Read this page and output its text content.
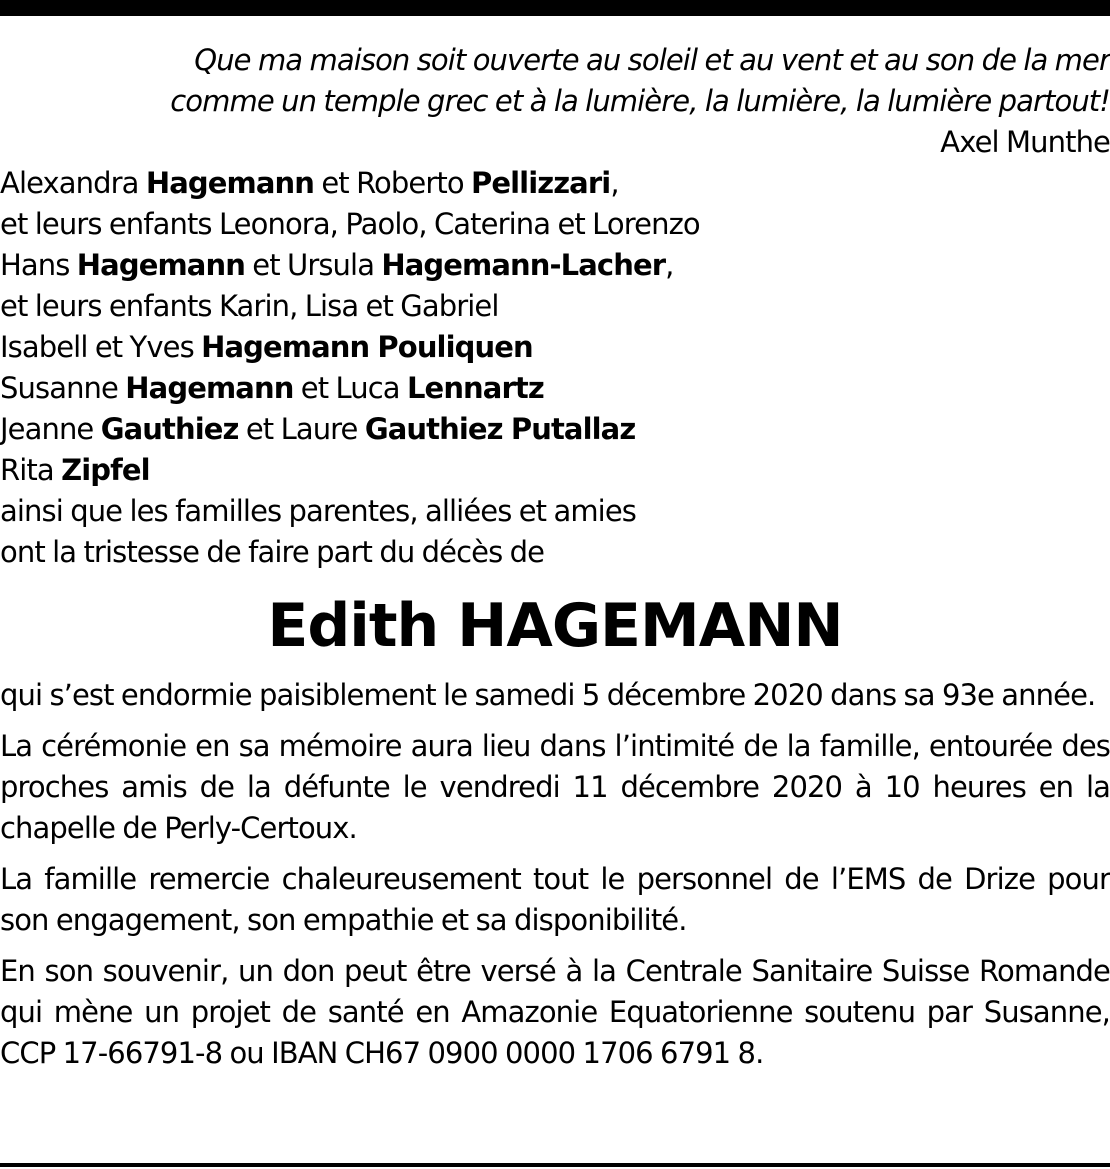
Que ma maison soit ouverte au soleil et au vent et au son de la mer
comme un temple grec et à la lumière, la lumière, la lumière partout!
Axel Munthe
Alexandra Hagemann et Roberto Pellizzari,
et leurs enfants Leonora, Paolo, Caterina et Lorenzo
Hans Hagemann et Ursula Hagemann-Lacher,
et leurs enfants Karin, Lisa et Gabriel
Isabell et Yves Hagemann Pouliquen
Susanne Hagemann et Luca Lennartz
Jeanne Gauthiez et Laure Gauthiez Putallaz
Rita Zipfel
ainsi que les familles parentes, alliées et amies
ont la tristesse de faire part du décès de
Edith HAGEMANN
qui s’est endormie paisiblement le samedi 5 décembre 2020 dans sa 93e année.
La cérémonie en sa mémoire aura lieu dans l’intimité de la famille, entourée des proches amis de la défunte le vendredi 11 décembre 2020 à 10 heures en la chapelle de Perly-Certoux.
La famille remercie chaleureusement tout le personnel de l’EMS de Drize pour son engagement, son empathie et sa disponibilité.
En son souvenir, un don peut être versé à la Centrale Sanitaire Suisse Romande qui mène un projet de santé en Amazonie Equatorienne soutenu par Susanne, CCP 17-66791-8 ou IBAN CH67 0900 0000 1706 6791 8.
